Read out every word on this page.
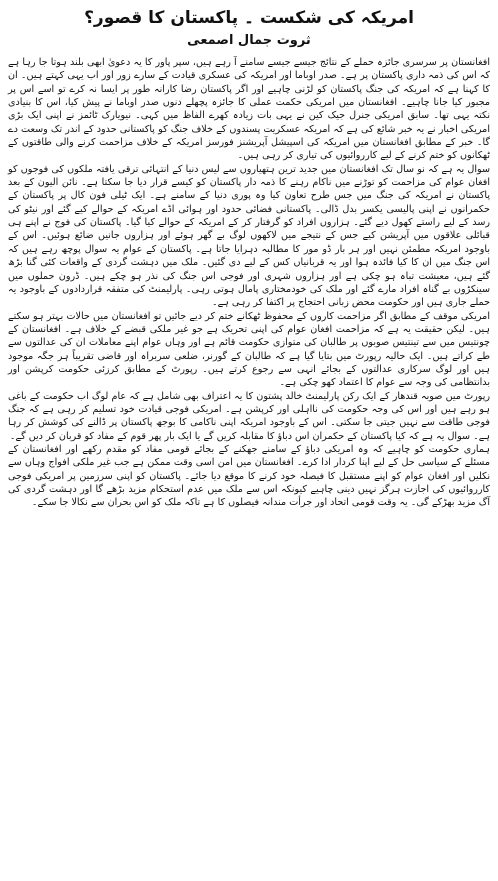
امریکہ کی شکست ۔ پاکستان کا قصور؟
ثروت جمال اصمعی

افغانستان پر سرسری جائزہ حملے کے نتائج جیسے جیسے سامنے آ رہے ہیں، سپر پاور کا یہ دعویٰ ابھی بلند ہوتا جا رہا ہے کہ اس کی ذمہ داری پاکستان پر ہے۔ صدر اوباما اور امریکہ کی عسکری قیادت کے سارے زور اور اب یہی کہتے ہیں۔ ان کا کہنا ہے کہ امریکہ کی جنگ پاکستان کو لڑنی چاہیے اور اگر پاکستان رضا کارانہ طور پر ایسا نہ کرے تو اسے اس پر مجبور کیا جانا چاہیے۔ افغانستان میں امریکی حکمت عملی کا جائزہ پچھلے دنوں صدر اوباما نے پیش کیا، اس کا بنیادی نکتہ یہی تھا۔ سابق امریکی جنرل جیک کین نے یہی بات زیادہ کھرے الفاظ میں کہی۔ نیویارک ٹائمز نے اپنی ایک بڑی امریکی اخبار نے یہ خبر شائع کی ہے کہ امریکہ عسکریت پسندوں کے خلاف جنگ کو پاکستانی حدود کے اندر تک وسعت دے گا۔ خبر کے مطابق افغانستان میں امریکہ کی اسپیشل آپریشنز فورسز امریکہ کے خلاف مزاحمت کرنے والی طاقتوں کے ٹھکانوں کو ختم کرنے کے لیے کارروائیوں کی تیاری کر رہی ہیں۔

سوال یہ ہے کہ نو سال تک افغانستان میں جدید ترین ہتھیاروں سے لیس دنیا کے انتہائی ترقی یافتہ ملکوں کی فوجوں کو افغان عوام کی مزاحمت کو توڑنے میں ناکام رہنے کا ذمہ دار پاکستان کو کیسے قرار دیا جا سکتا ہے۔ نائن الیون کے بعد پاکستان نے امریکہ کی جنگ میں جس طرح تعاون کیا وہ پوری دنیا کے سامنے ہے۔ ایک ٹیلی فون کال پر پاکستان کے حکمرانوں نے اپنی پالیسی یکسر بدل ڈالی۔ پاکستانی فضائی حدود اور ہوائی اڈے امریکہ کے حوالے کیے گئے اور نیٹو کی رسد کے لیے راستے کھول دیے گئے۔ ہزاروں افراد کو گرفتار کر کے امریکہ کے حوالے کیا گیا۔ پاکستان کی فوج نے اپنے ہی قبائلی علاقوں میں آپریشن کیے جس کے نتیجے میں لاکھوں لوگ بے گھر ہوئے اور ہزاروں جانیں ضائع ہوئیں۔ اس کے باوجود امریکہ مطمئن نہیں اور ہر بار ڈو مور کا مطالبہ دہرایا جاتا ہے۔ پاکستان کے عوام یہ سوال پوچھ رہے ہیں کہ اس جنگ میں ان کا کیا فائدہ ہوا اور یہ قربانیاں کس کے لیے دی گئیں۔ ملک میں دہشت گردی کے واقعات کئی گنا بڑھ گئے ہیں، معیشت تباہ ہو چکی ہے اور ہزاروں شہری اور فوجی اس جنگ کی نذر ہو چکے ہیں۔ ڈرون حملوں میں سینکڑوں بے گناہ افراد مارے گئے اور ملک کی خودمختاری پامال ہوتی رہی۔ پارلیمنٹ کی متفقہ قراردادوں کے باوجود یہ حملے جاری ہیں اور حکومت محض زبانی احتجاج پر اکتفا کر رہی ہے۔

امریکی موقف کے مطابق اگر مزاحمت کاروں کے محفوظ ٹھکانے ختم کر دیے جائیں تو افغانستان میں حالات بہتر ہو سکتے ہیں۔ لیکن حقیقت یہ ہے کہ مزاحمت افغان عوام کی اپنی تحریک ہے جو غیر ملکی قبضے کے خلاف ہے۔ افغانستان کے چونتیس میں سے تینتیس صوبوں پر طالبان کی متوازی حکومت قائم ہے اور وہاں عوام اپنے معاملات ان کی عدالتوں سے طے کراتے ہیں۔ ایک حالیہ رپورٹ میں بتایا گیا ہے کہ طالبان کے گورنر، ضلعی سربراہ اور قاضی تقریباً ہر جگہ موجود ہیں اور لوگ سرکاری عدالتوں کے بجائے انہی سے رجوع کرتے ہیں۔ رپورٹ کے مطابق کرزئی حکومت کرپشن اور بدانتظامی کی وجہ سے عوام کا اعتماد کھو چکی ہے۔

رپورٹ میں صوبہ قندھار کے ایک رکن پارلیمنٹ خالد پشتون کا یہ اعتراف بھی شامل ہے کہ عام لوگ اب حکومت کے باغی ہو رہے ہیں اور اس کی وجہ حکومت کی نااہلی اور کرپشن ہے۔ امریکی فوجی قیادت خود تسلیم کر رہی ہے کہ جنگ فوجی طاقت سے نہیں جیتی جا سکتی۔ اس کے باوجود امریکہ اپنی ناکامی کا بوجھ پاکستان پر ڈالنے کی کوشش کر رہا ہے۔ سوال یہ ہے کہ کیا پاکستان کے حکمران اس دباؤ کا مقابلہ کریں گے یا ایک بار پھر قوم کے مفاد کو قربان کر دیں گے۔

ہماری حکومت کو چاہیے کہ وہ امریکی دباؤ کے سامنے جھکنے کے بجائے قومی مفاد کو مقدم رکھے اور افغانستان کے مسئلے کے سیاسی حل کے لیے اپنا کردار ادا کرے۔ افغانستان میں امن اسی وقت ممکن ہے جب غیر ملکی افواج وہاں سے نکلیں اور افغان عوام کو اپنے مستقبل کا فیصلہ خود کرنے کا موقع دیا جائے۔ پاکستان کو اپنی سرزمین پر امریکی فوجی کارروائیوں کی اجازت ہرگز نہیں دینی چاہیے کیونکہ اس سے ملک میں عدم استحکام مزید بڑھے گا اور دہشت گردی کی آگ مزید بھڑکے گی۔ یہ وقت قومی اتحاد اور جرأت مندانہ فیصلوں کا ہے تاکہ ملک کو اس بحران سے نکالا جا سکے۔
